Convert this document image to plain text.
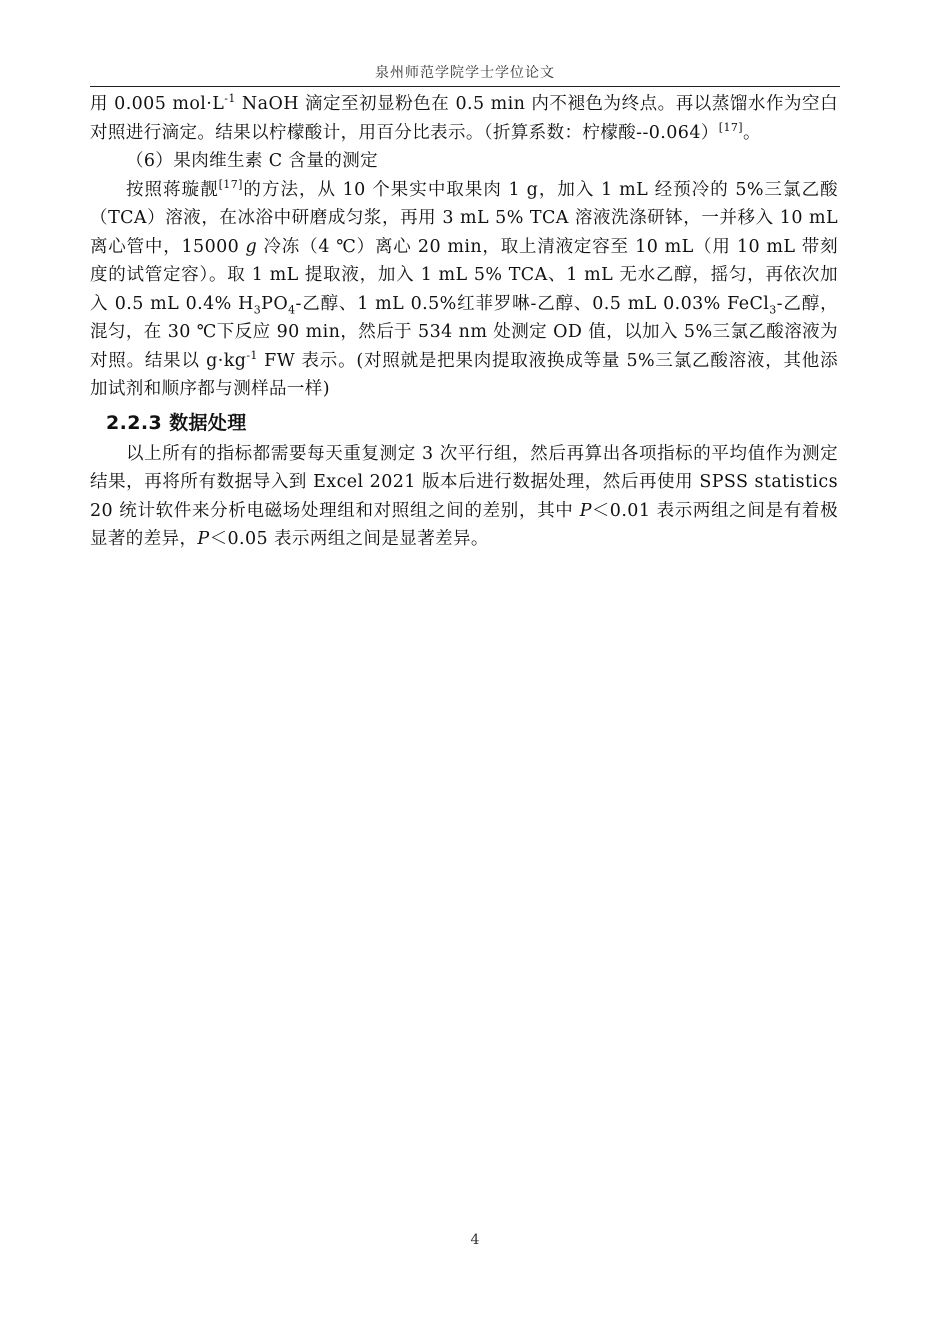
泉州师范学院学士学位论文

用 0.005 $mol\cdot L^{-1}$ NaOH 滴定至初显粉色在 0.5 min 内不褪色为终点。再以蒸馏水作为空白对照进行滴定。结果以柠檬酸计，用百分比表示。（折算系数：柠檬酸--0.064）[17]。

（6）果肉维生素 C 含量的测定

按照蒋璇靓[17]的方法，从 10 个果实中取果肉 1 g，加入 1 mL 经预冷的 5%三氯乙酸（TCA）溶液，在冰浴中研磨成匀浆，再用 3 mL 5% TCA 溶液洗涤研钵，一并移入 10 mL 离心管中，15000 g 冷冻（4 ℃）离心 20 min，取上清液定容至 10 mL（用 10 mL 带刻度的试管定容）。取 1 mL 提取液，加入 1 mL 5% TCA、1 mL 无水乙醇，摇匀，再依次加入 0.5 mL 0.4% $H_3PO_4-$乙醇、1 mL 0.5%红菲罗啉-乙醇、0.5 mL 0.03% FeCl$_3$-乙醇，混匀，在 30 ℃下反应 90 min，然后于 534 nm 处测定 OD 值，以加入 5%三氯乙酸溶液为对照。结果以 $g\cdot kg^{-1}$ FW 表示。(对照就是把果肉提取液换成等量 5%三氯乙酸溶液，其他添加试剂和顺序都与测样品一样)

2.2.3 数据处理

以上所有的指标都需要每天重复测定 3 次平行组，然后再算出各项指标的平均值作为测定结果，再将所有数据导入到 Excel 2021 版本后进行数据处理，然后再使用 SPSS statistics 20 统计软件来分析电磁场处理组和对照组之间的差别，其中 P＜0.01 表示两组之间是有着极显著的差异，P＜0.05 表示两组之间是显著差异。

4
